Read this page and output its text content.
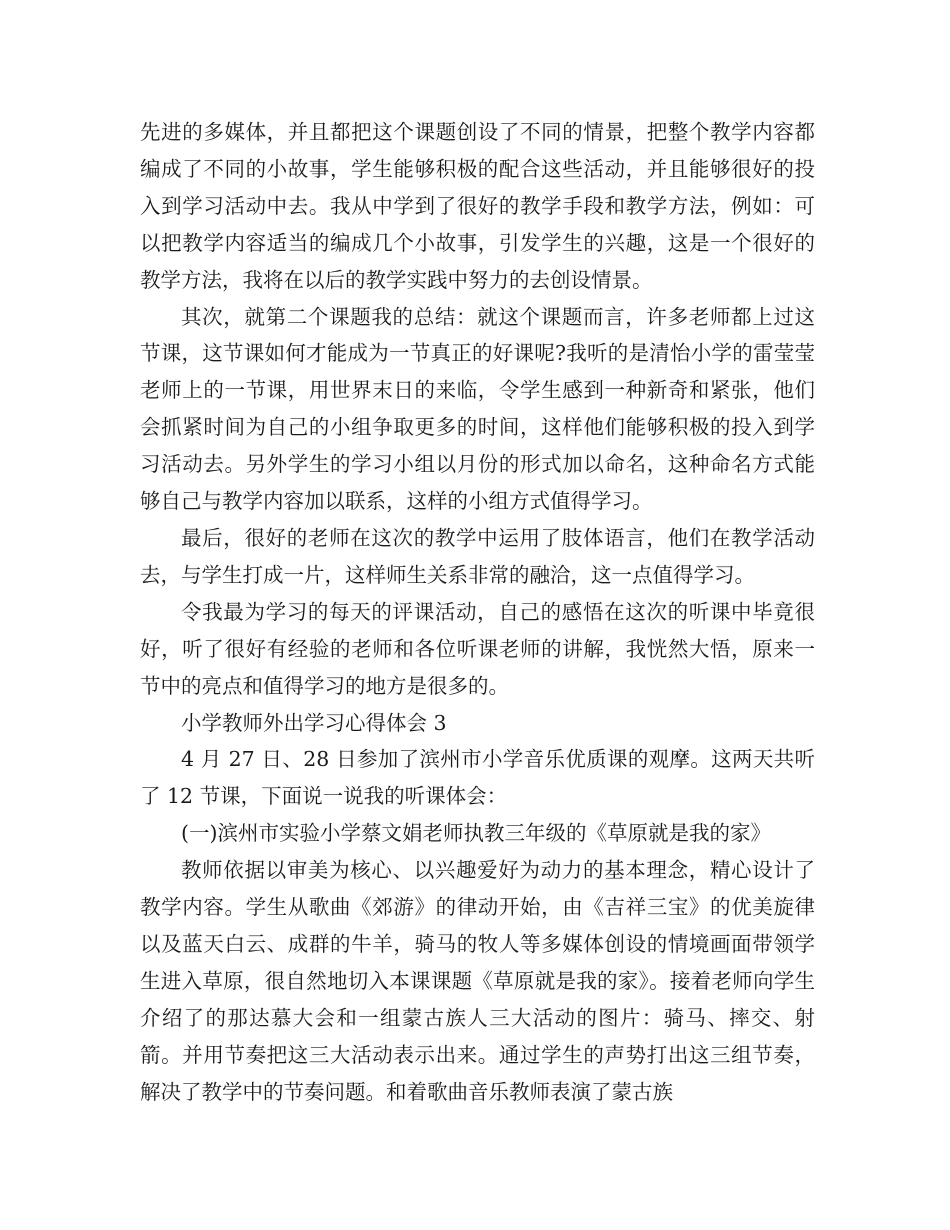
先进的多媒体，并且都把这个课题创设了不同的情景，把整个教学内容都编成了不同的小故事，学生能够积极的配合这些活动，并且能够很好的投入到学习活动中去。我从中学到了很好的教学手段和教学方法，例如：可以把教学内容适当的编成几个小故事，引发学生的兴趣，这是一个很好的教学方法，我将在以后的教学实践中努力的去创设情景。

其次，就第二个课题我的总结：就这个课题而言，许多老师都上过这节课，这节课如何才能成为一节真正的好课呢?我听的是清怡小学的雷莹莹老师上的一节课，用世界末日的来临，令学生感到一种新奇和紧张，他们会抓紧时间为自己的小组争取更多的时间，这样他们能够积极的投入到学习活动去。另外学生的学习小组以月份的形式加以命名，这种命名方式能够自己与教学内容加以联系，这样的小组方式值得学习。

最后，很好的老师在这次的教学中运用了肢体语言，他们在教学活动去，与学生打成一片，这样师生关系非常的融洽，这一点值得学习。

令我最为学习的每天的评课活动，自己的感悟在这次的听课中毕竟很好，听了很好有经验的老师和各位听课老师的讲解，我恍然大悟，原来一节中的亮点和值得学习的地方是很多的。

小学教师外出学习心得体会 3

4 月 27 日、28 日参加了滨州市小学音乐优质课的观摩。这两天共听了 12 节课，下面说一说我的听课体会：

(一)滨州市实验小学蔡文娟老师执教三年级的《草原就是我的家》

教师依据以审美为核心、以兴趣爱好为动力的基本理念，精心设计了教学内容。学生从歌曲《郊游》的律动开始，由《吉祥三宝》的优美旋律以及蓝天白云、成群的牛羊，骑马的牧人等多媒体创设的情境画面带领学生进入草原，很自然地切入本课课题《草原就是我的家》。接着老师向学生介绍了的那达慕大会和一组蒙古族人三大活动的图片：骑马、摔交、射箭。并用节奏把这三大活动表示出来。通过学生的声势打出这三组节奏，解决了教学中的节奏问题。和着歌曲音乐教师表演了蒙古族
